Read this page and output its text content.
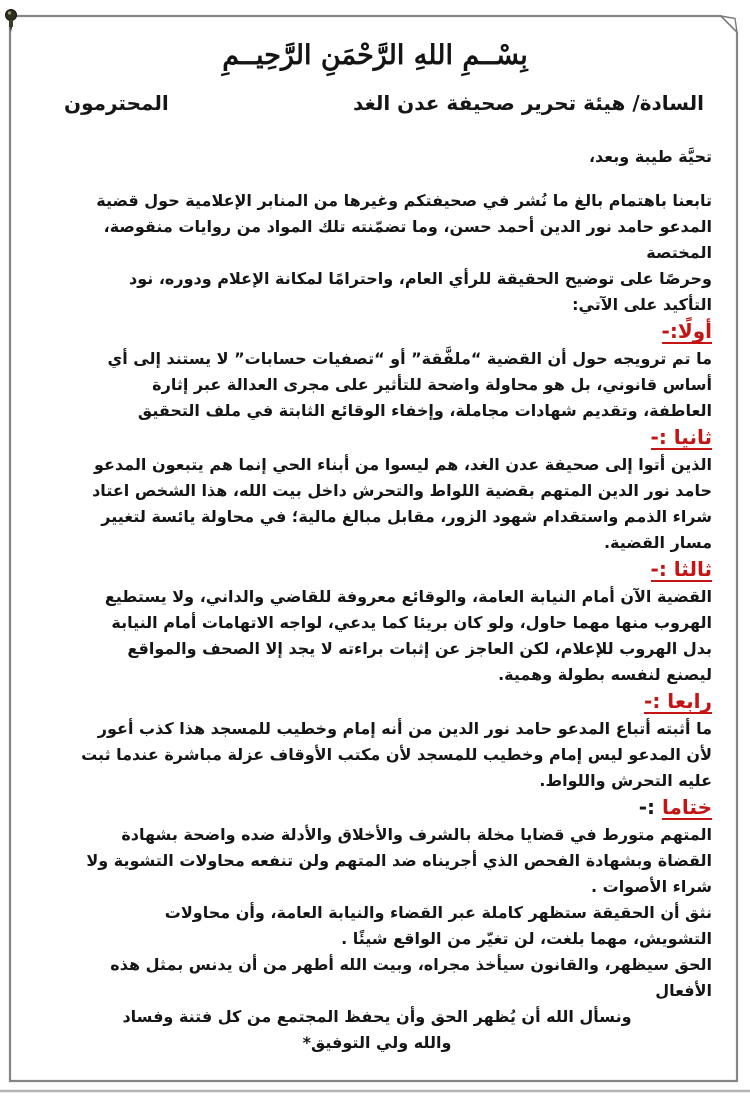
بِسْــمِ اللهِ الرَّحْمَنِ الرَّحِيــمِ
السادة/ هيئة تحرير صحيفة عدن الغد
المحترمون
تحيَّة طيبة وبعد،
تابعنا باهتمام بالغ ما نُشر في صحيفتكم وغيرها من المنابر الإعلامية حول قضية
المدعو حامد نور الدين أحمد حسن، وما تضمّنته تلك المواد من روايات منقوصة،
المختصة
وحرصًا على توضيح الحقيقة للرأي العام، واحترامًا لمكانة الإعلام ودوره، نود
التأكيد على الآتي:
أولًا:-
ما تم ترويجه حول أن القضية “ملفَّقة” أو “تصفيات حسابات” لا يستند إلى أي
أساس قانوني، بل هو محاولة واضحة للتأثير على مجرى العدالة عبر إثارة
العاطفة، وتقديم شهادات مجاملة، وإخفاء الوقائع الثابتة في ملف التحقيق
ثانيا :-
الذين أتوا إلى صحيفة عدن الغد، هم ليسوا من أبناء الحي إنما هم يتبعون المدعو
حامد نور الدين المتهم بقضية اللواط والتحرش داخل بيت الله، هذا الشخص اعتاد
شراء الذمم واستقدام شهود الزور، مقابل مبالغ مالية؛ في محاولة يائسة لتغيير
مسار القضية.
ثالثا :-
القضية الآن أمام النيابة العامة، والوقائع معروفة للقاضي والداني، ولا يستطيع
الهروب منها مهما حاول، ولو كان بريئا كما يدعي، لواجه الاتهامات أمام النيابة
بدل الهروب للإعلام، لكن العاجز عن إثبات براءته لا يجد إلا الصحف والمواقع
ليصنع لنفسه بطولة وهمية.
رابعا :-
ما أثبته أتباع المدعو حامد نور الدين من أنه إمام وخطيب للمسجد هذا كذب أعور
لأن المدعو ليس إمام وخطيب للمسجد لأن مكتب الأوقاف عزلة مباشرة عندما ثبت
عليه التحرش واللواط.
ختاما :-
المتهم متورط في قضايا مخلة بالشرف والأخلاق والأدلة ضده واضحة بشهادة
القضاة وبشهادة الفحص الذي أجريناه ضد المتهم ولن تنفعه محاولات التشوية ولا
شراء الأصوات .
نثق أن الحقيقة ستظهر كاملة عبر القضاء والنيابة العامة، وأن محاولات
التشويش، مهما بلغت، لن تغيّر من الواقع شيئًا .
الحق سيظهر، والقانون سيأخذ مجراه، وبيت الله أطهر من أن يدنس بمثل هذه
الأفعال
ونسأل الله أن يُظهر الحق وأن يحفظ المجتمع من كل فتنة وفساد
والله ولي التوفيق*
